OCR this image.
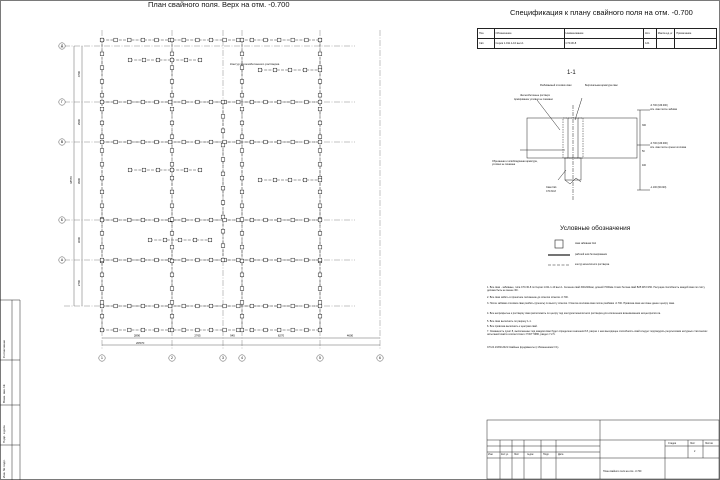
1	2	3	4	5	6
Д
Г
В
Б
А
2890	2765	945	6270	4600
4700
2900
3900
3600
2700
18570
План свайного поля. Верх на отм. -0.700
Контур железобетонного ростверка
20570
Спецификация к плану свайного поля на отм. -0.700
Поз.	Обозначение	Наименование	Кол.	Масса ед.,кг	Примечание
Св1	Серия 1.011.1-10 вып.1	С70.30-8	121		
1-1
Железобетонные ростверк
Армирование условно не показано
Разбиваемый оголовок сваи	Вертикальная арматура сваи
Обрезанная и освобождённая арматура, условно не показана
Свая Св1
С70.30-8
-0.700 (169.000)
отм. сваи после забивки
-0.700 (169.000)
отм. сваи после срезки оголовка
-1.100 (90.020)
300
400
50
Условные обозначения
свая забивная Св1
рабочий шов бетонирования
контур монолитного ростверка
1. Все сваи - забивные, типа С70.30-8 по Серии 1.011.1-10 вып.1. Сечение свай 300х300мм, длиной 7000мм. Класс бетона свай B25 W6 F150. Несущая способность каждой сваи по счёту должна быть не менее 30т.
2. Все сваи забить в проектное положение до отметки отметки -0.700.
3. После забивки оголовок сваи разбить (срезать) по высоту отметки. Отметка оголовка сваи после разбивки -0.700. Привязка сваи на плане дана к центру сваи.
4. Все неприкрытые к ростверку сваи расположить по центру под контуром монолитного ростверка для исключения возникновения эксцентриситета.
5. Все сваи выполнить по разрезу 1-1.
6. Все привязка выполнить к центрам свай.
7. Указанность пункт 8, выполненных под каждом сваи будет определено значения 8.8, разрез с нем выходящее способность свай следует подтвердить результатами натурных статических испытаний свай в соответствии с ГОСТ 5686, раздел 7.2.5.
СП 24.13330.2021 Свайные фундаменты (с Изменением N 1).
Стадия	Лист	Листов
2
Изм.	Кол.уч. Лист	№док.	Подп.	Дата
План свайного поля на отм. -0.700
Согласовано
Инв. № подл.
Подп. и дата
Взам. инв. №
